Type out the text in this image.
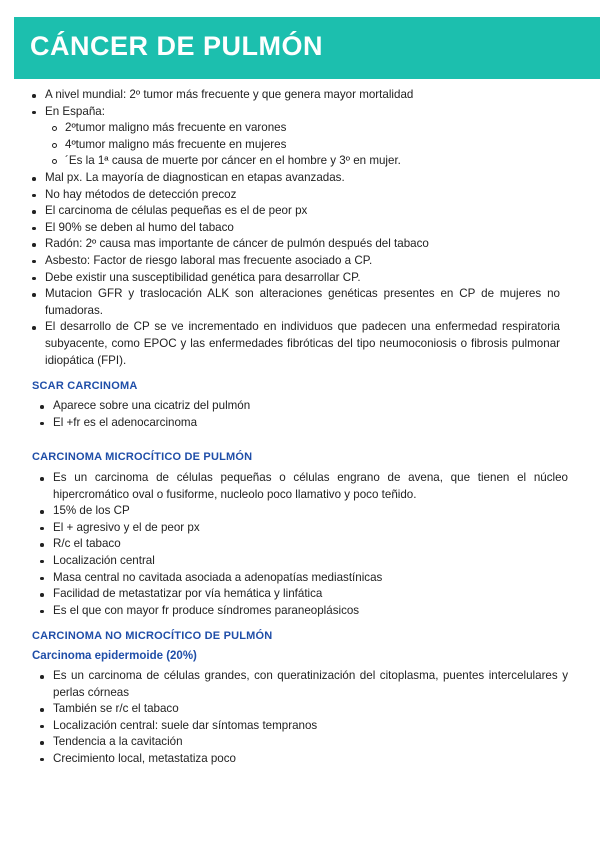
CÁNCER DE PULMÓN
A nivel mundial: 2º tumor más frecuente y que genera mayor mortalidad
En España:
2ºtumor maligno más frecuente en varones
4ºtumor maligno más frecuente en mujeres
´Es la 1ª causa de muerte por cáncer en el hombre y 3º en mujer.
Mal px. La mayoría de diagnostican en etapas avanzadas.
No hay métodos de detección precoz
El carcinoma de células pequeñas es el de peor px
El 90% se deben al humo del tabaco
Radón: 2º causa mas importante de cáncer de pulmón después del tabaco
Asbesto: Factor de riesgo laboral mas frecuente asociado a CP.
Debe existir una susceptibilidad genética para desarrollar CP.
Mutacion GFR y traslocación ALK son alteraciones genéticas presentes en CP de mujeres no fumadoras.
El desarrollo de CP se ve incrementado en individuos que padecen una enfermedad respiratoria subyacente, como EPOC y las enfermedades fibróticas del tipo neumoconiosis o fibrosis pulmonar idiopática (FPI).
SCAR CARCINOMA
Aparece sobre una cicatriz del pulmón
El +fr es el adenocarcinoma
CARCINOMA MICROCÍTICO DE PULMÓN
Es un carcinoma de células pequeñas o células engrano de avena, que tienen el núcleo hipercromático oval o fusiforme, nucleolo poco llamativo y poco teñido.
15% de los CP
El + agresivo y el de peor px
R/c el tabaco
Localización central
Masa central no cavitada asociada a adenopatías mediastínicas
Facilidad de metastatizar por vía hemática y linfática
Es el que con mayor fr produce síndromes paraneoplásicos
CARCINOMA NO MICROCÍTICO DE PULMÓN
Carcinoma epidermoide (20%)
Es un carcinoma de células grandes, con queratinización del citoplasma, puentes intercelulares y perlas córneas
También se r/c el tabaco
Localización central: suele dar síntomas tempranos
Tendencia a la cavitación
Crecimiento local, metastatiza poco
